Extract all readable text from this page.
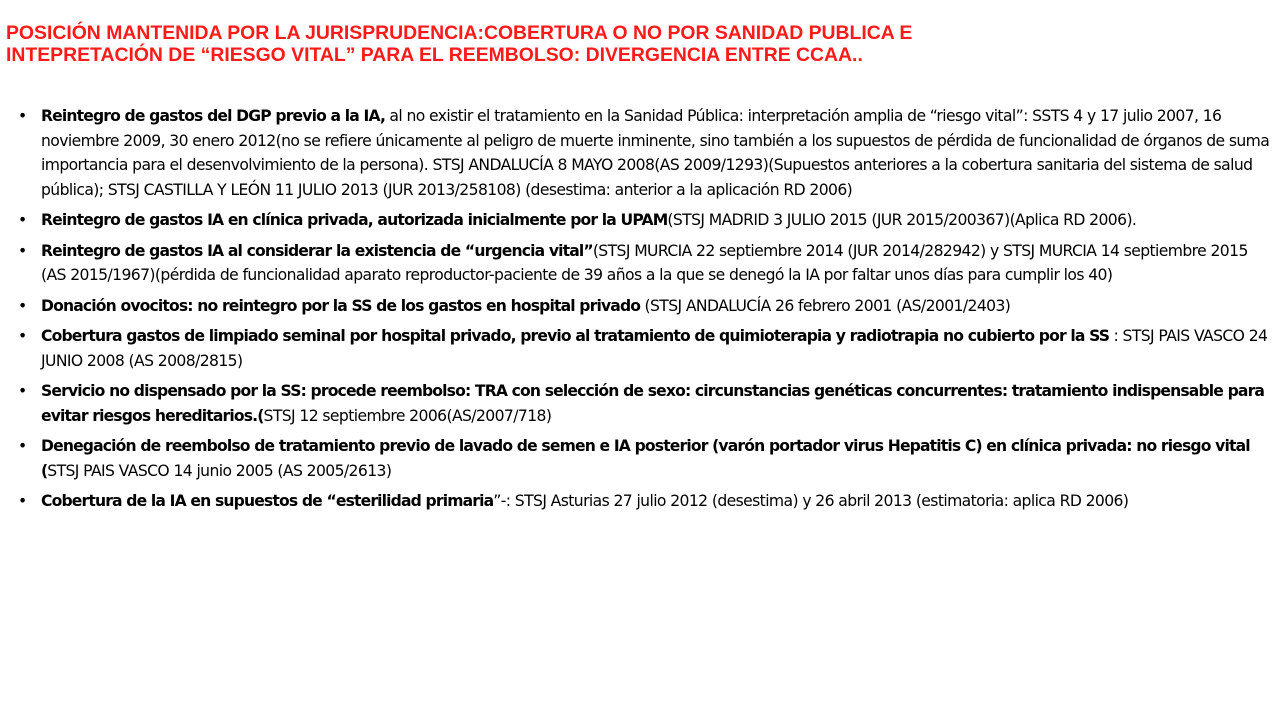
POSICIÓN MANTENIDA POR LA JURISPRUDENCIA:COBERTURA O NO POR SANIDAD PUBLICA E
INTEPRETACIÓN DE “RIESGO VITAL” PARA EL REEMBOLSO: DIVERGENCIA ENTRE CCAA..
• Reintegro de gastos del DGP previo a la IA, al no existir el tratamiento en la Sanidad Pública: interpretación amplia de “riesgo vital”: SSTS 4 y 17 julio 2007, 16 noviembre 2009, 30 enero 2012(no se refiere únicamente al peligro de muerte inminente, sino también a los supuestos de pérdida de funcionalidad de órganos de suma importancia para el desenvolvimiento de la persona). STSJ ANDALUCÍA 8 MAYO 2008(AS 2009/1293)(Supuestos anteriores a la cobertura sanitaria del sistema de salud pública); STSJ CASTILLA Y LEÓN 11 JULIO 2013 (JUR 2013/258108) (desestima: anterior a la aplicación RD 2006)
• Reintegro de gastos IA en clínica privada, autorizada inicialmente por la UPAM(STSJ MADRID 3 JULIO 2015 (JUR 2015/200367)(Aplica RD 2006).
• Reintegro de gastos IA al considerar la existencia de “urgencia vital”(STSJ MURCIA 22 septiembre 2014 (JUR 2014/282942) y STSJ MURCIA 14 septiembre 2015 (AS 2015/1967)(pérdida de funcionalidad aparato reproductor-paciente de 39 años a la que se denegó la IA por faltar unos días para cumplir los 40)
• Donación ovocitos: no reintegro por la SS de los gastos en hospital privado (STSJ ANDALUCÍA 26 febrero 2001 (AS/2001/2403)
• Cobertura gastos de limpiado seminal por hospital privado, previo al tratamiento de quimioterapia y radiotrapia no cubierto por la SS : STSJ PAIS VASCO 24 JUNIO 2008 (AS 2008/2815)
• Servicio no dispensado por la SS: procede reembolso: TRA con selección de sexo: circunstancias genéticas concurrentes: tratamiento indispensable para evitar riesgos hereditarios.(STSJ 12 septiembre 2006(AS/2007/718)
• Denegación de reembolso de tratamiento previo de lavado de semen e IA posterior (varón portador virus Hepatitis C) en clínica privada: no riesgo vital (STSJ PAIS VASCO 14 junio 2005 (AS 2005/2613)
• Cobertura de la IA en supuestos de “esterilidad primaria”-: STSJ Asturias 27 julio 2012 (desestima) y 26 abril 2013 (estimatoria: aplica RD 2006)
